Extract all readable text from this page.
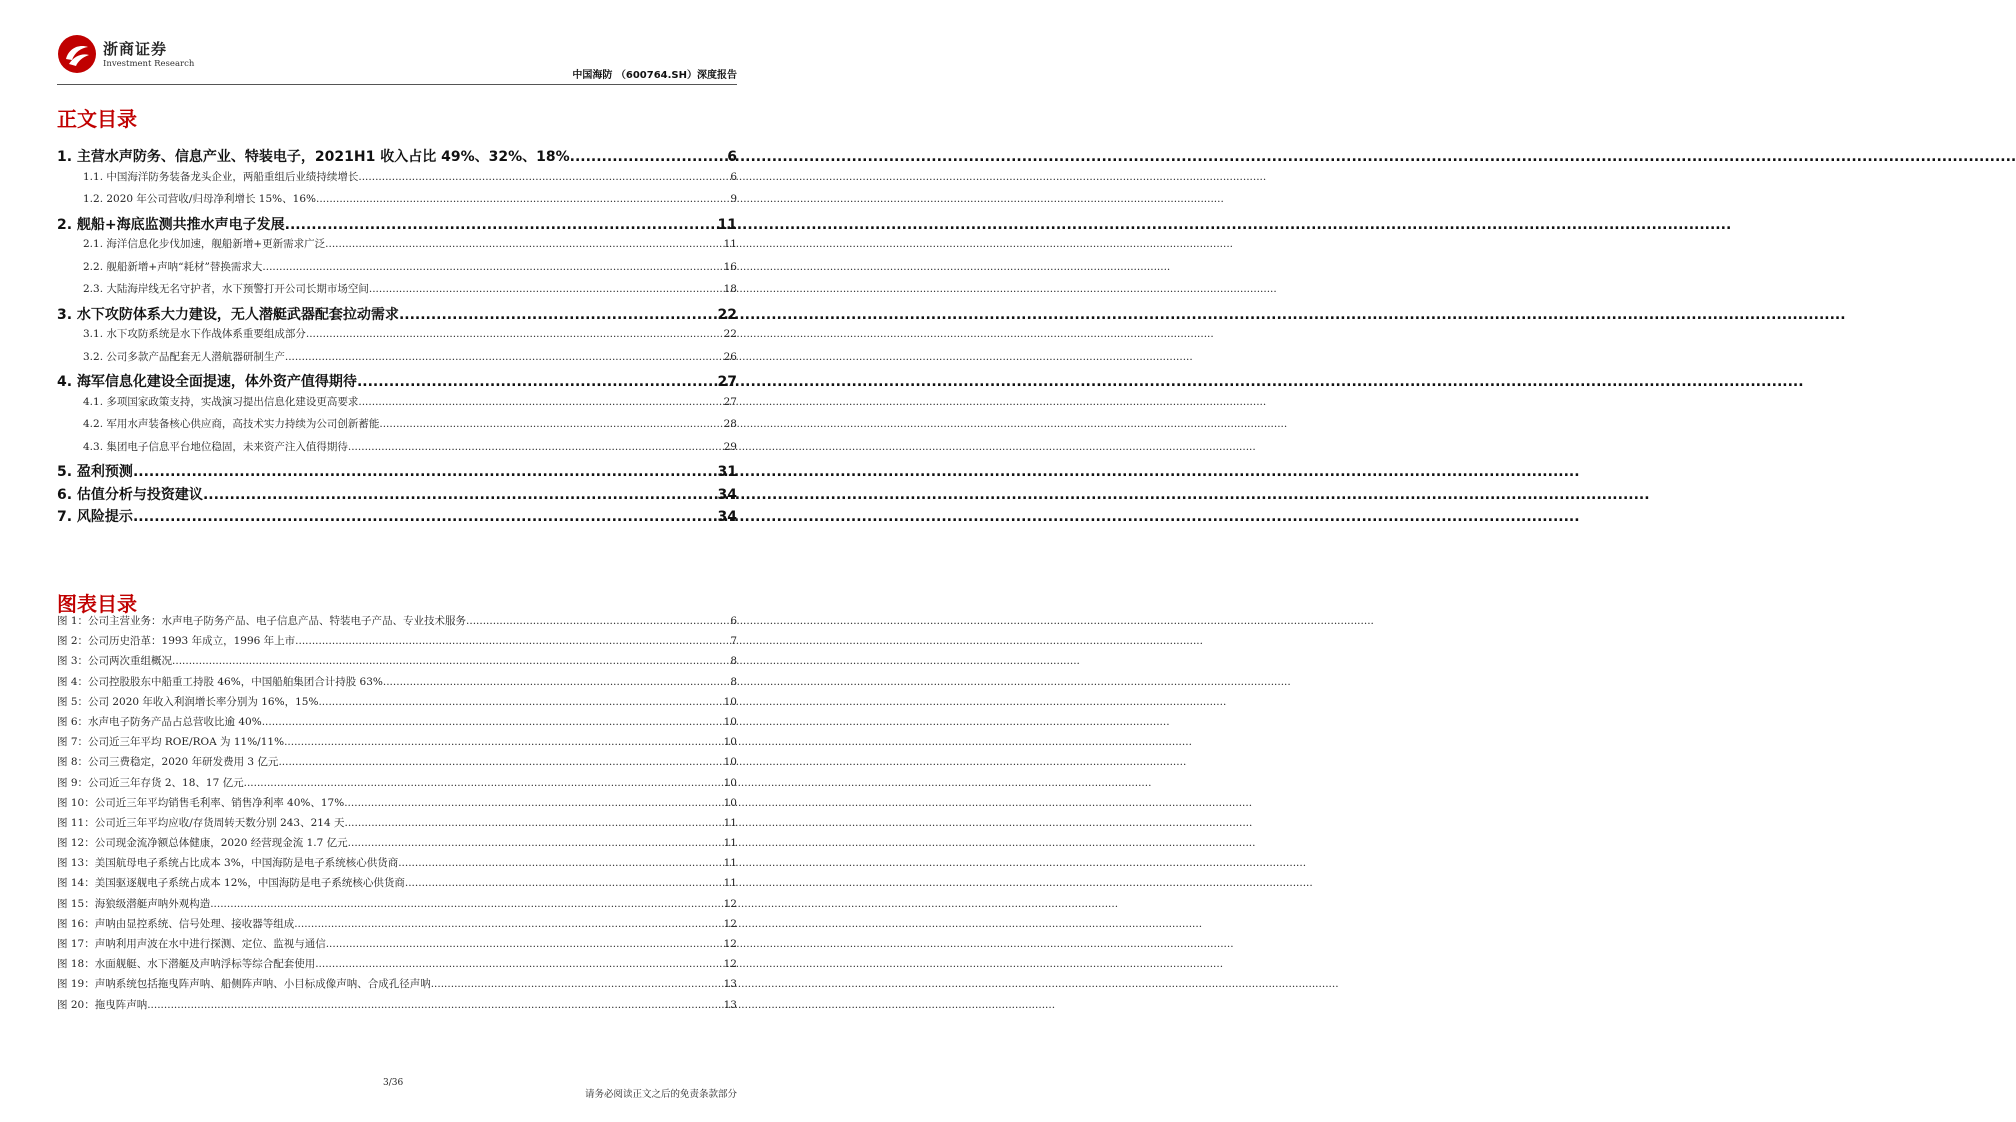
浙商证券
Investment Research
中国海防 （600764.SH）深度报告
正文目录
1. 主营水声防务、信息产业、特装电子，2021H1 收入占比 49%、32%、18% .....	6
1.1. 中国海洋防务装备龙头企业，两船重组后业绩持续增长 .....	6
1.2. 2020 年公司营收/归母净利增长 15%、16% .....	9
2. 舰船+海底监测共推水声电子发展 .....	11
2.1. 海洋信息化步伐加速，舰船新增+更新需求广泛 .....	11
2.2. 舰船新增+声呐“耗材”替换需求大 .....	16
2.3. 大陆海岸线无名守护者，水下预警打开公司长期市场空间 .....	18
3. 水下攻防体系大力建设，无人潜艇武器配套拉动需求 .....	22
3.1. 水下攻防系统是水下作战体系重要组成部分 .....	22
3.2. 公司多款产品配套无人潜航器研制生产 .....	26
4. 海军信息化建设全面提速，体外资产值得期待 .....	27
4.1. 多项国家政策支持，实战演习提出信息化建设更高要求 .....	27
4.2. 军用水声装备核心供应商，高技术实力持续为公司创新蓄能 .....	28
4.3. 集团电子信息平台地位稳固，未来资产注入值得期待 .....	29
5. 盈利预测 .....	31
6. 估值分析与投资建议 .....	34
7. 风险提示 .....	34
图表目录
图 1：公司主营业务：水声电子防务产品、电子信息产品、特装电子产品、专业技术服务 .....	6
图 2：公司历史沿革：1993 年成立，1996 年上市 .....	7
图 3：公司两次重组概况 .....	8
图 4：公司控股股东中船重工持股 46%，中国船舶集团合计持股 63% .....	8
图 5：公司 2020 年收入利润增长率分别为 16%，15% .....	10
图 6：水声电子防务产品占总营收比逾 40% .....	10
图 7：公司近三年平均 ROE/ROA 为 11%/11% .....	10
图 8：公司三费稳定，2020 年研发费用 3 亿元 .....	10
图 9：公司近三年存货 2、18、17 亿元 .....	10
图 10：公司近三年平均销售毛利率、销售净利率 40%、17% .....	10
图 11：公司近三年平均应收/存货周转天数分别 243、214 天 .....	11
图 12：公司现金流净额总体健康，2020 经营现金流 1.7 亿元 .....	11
图 13：美国航母电子系统占比成本 3%，中国海防是电子系统核心供货商 .....	11
图 14：美国驱逐舰电子系统占成本 12%，中国海防是电子系统核心供货商 .....	11
图 15：海狼级潜艇声呐外观构造 .....	12
图 16：声呐由显控系统、信号处理、接收器等组成 .....	12
图 17：声呐利用声波在水中进行探测、定位、监视与通信 .....	12
图 18：水面舰艇、水下潜艇及声呐浮标等综合配套使用 .....	12
图 19：声呐系统包括拖曳阵声呐、船侧阵声呐、小目标成像声呐、合成孔径声呐 .....	13
图 20：拖曳阵声呐 .....	13
3/36
请务必阅读正文之后的免责条款部分
